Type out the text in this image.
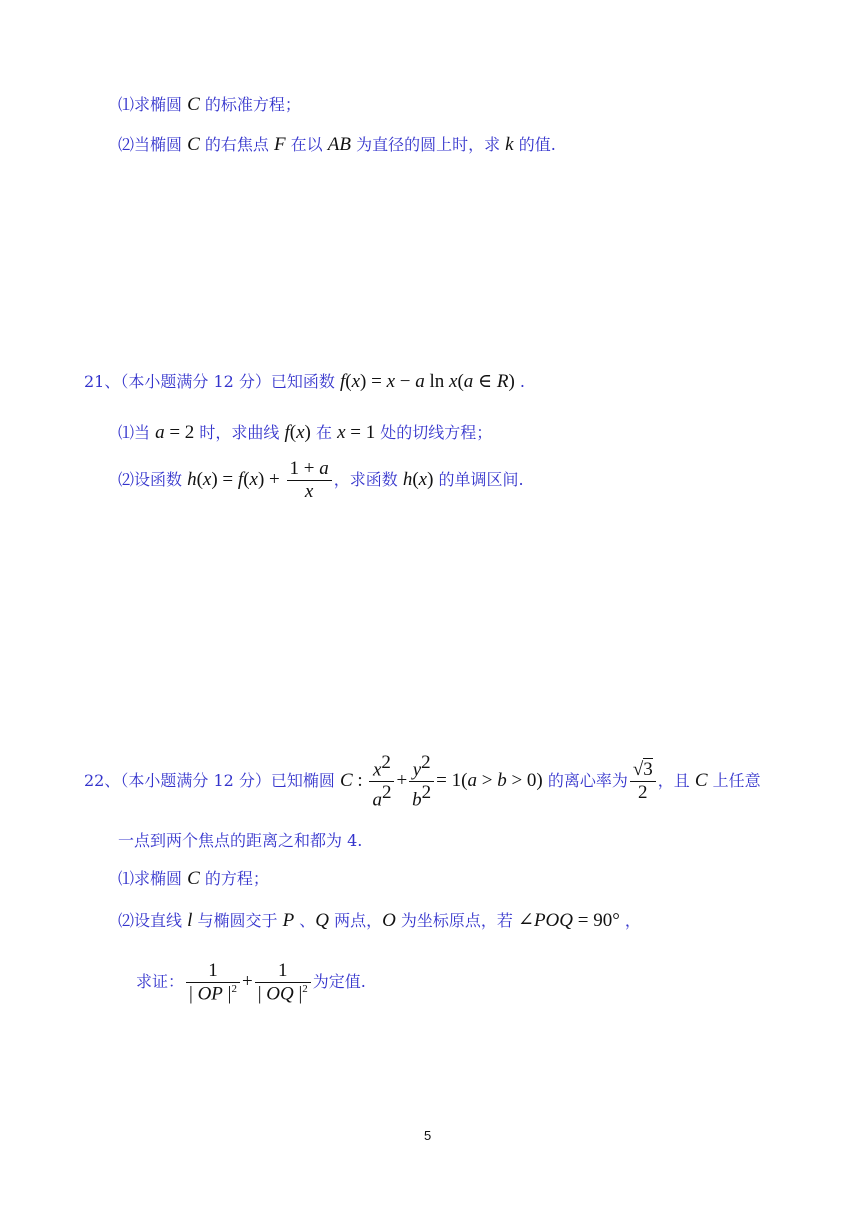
⑴求椭圆 C 的标准方程；
⑵当椭圆 C 的右焦点 F 在以 AB 为直径的圆上时，求 k 的值.
21、（本小题满分 12 分）已知函数 f(x) = x − a ln x(a ∈ R) .
⑴当 a = 2 时，求曲线 f(x) 在 x = 1 处的切线方程；
⑵设函数 $h(x) = f(x) + \frac{1 + a}{x}$ ，求函数 h(x) 的单调区间.
22、（本小题满分 12 分）已知椭圆 C : $\frac{x^2}{a^2} + \frac{y^2}{b^2} = 1(a > b > 0)$ 的离心率为 $\frac{√3}{2}$ ，且 C 上任意
一点到两个焦点的距离之和都为 4.
⑴求椭圆 C 的方程；
⑵设直线 l 与椭圆交于 P 、Q 两点，O 为坐标原点，若 ∠POQ = 90° ，
求证： $\frac{1}{| OP |^2} + \frac{1}{| OQ |^2}$ 为定值.
5
